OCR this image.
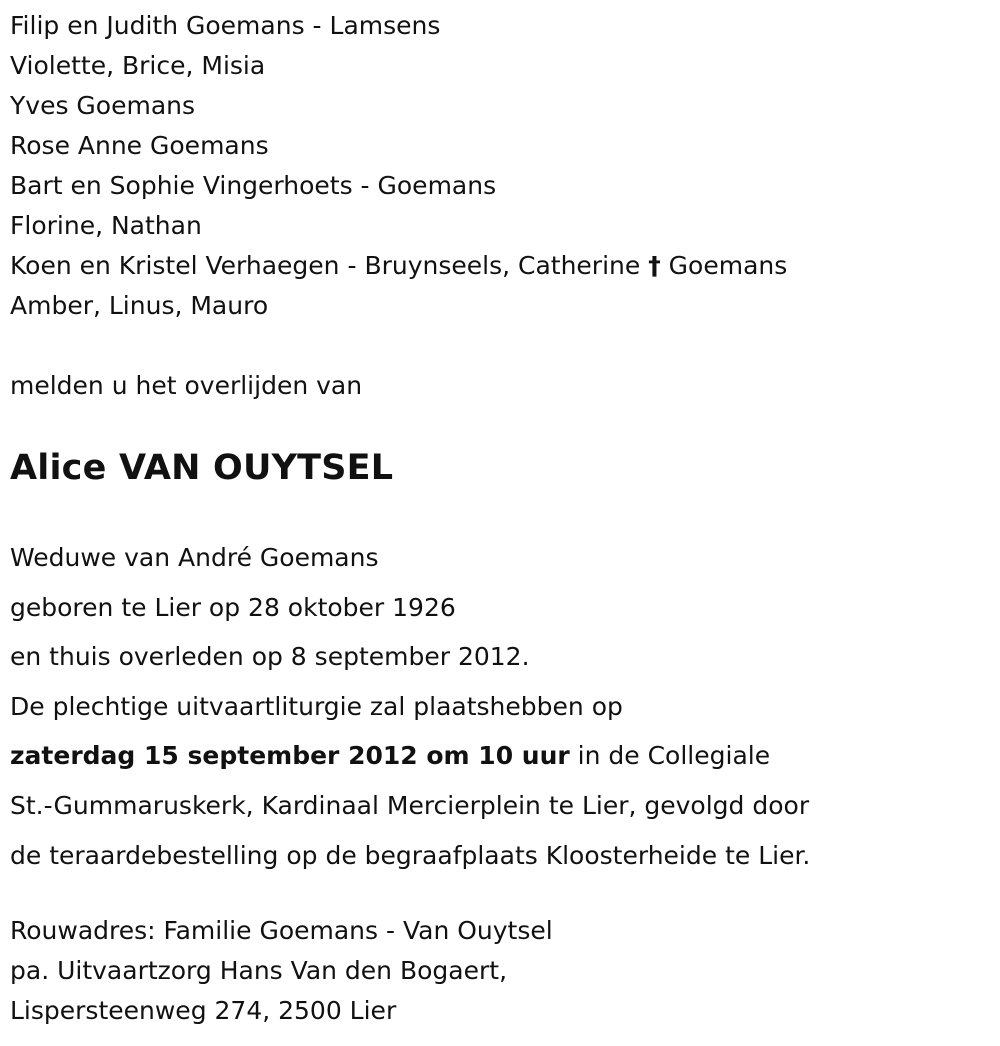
Filip en Judith Goemans - Lamsens
Violette, Brice, Misia
Yves Goemans
Rose Anne Goemans
Bart en Sophie Vingerhoets - Goemans
Florine, Nathan
Koen en Kristel Verhaegen - Bruynseels, Catherine † Goemans
Amber, Linus, Mauro
melden u het overlijden van
Alice VAN OUYTSEL
Weduwe van André Goemans
geboren te Lier op 28 oktober 1926
en thuis overleden op 8 september 2012.
De plechtige uitvaartliturgie zal plaatshebben op
zaterdag 15 september 2012 om 10 uur in de Collegiale
St.-Gummaruskerk, Kardinaal Mercierplein te Lier, gevolgd door
de teraardebestelling op de begraafplaats Kloosterheide te Lier.
Rouwadres: Familie Goemans - Van Ouytsel
pa. Uitvaartzorg Hans Van den Bogaert,
Lispersteenweg 274, 2500 Lier
